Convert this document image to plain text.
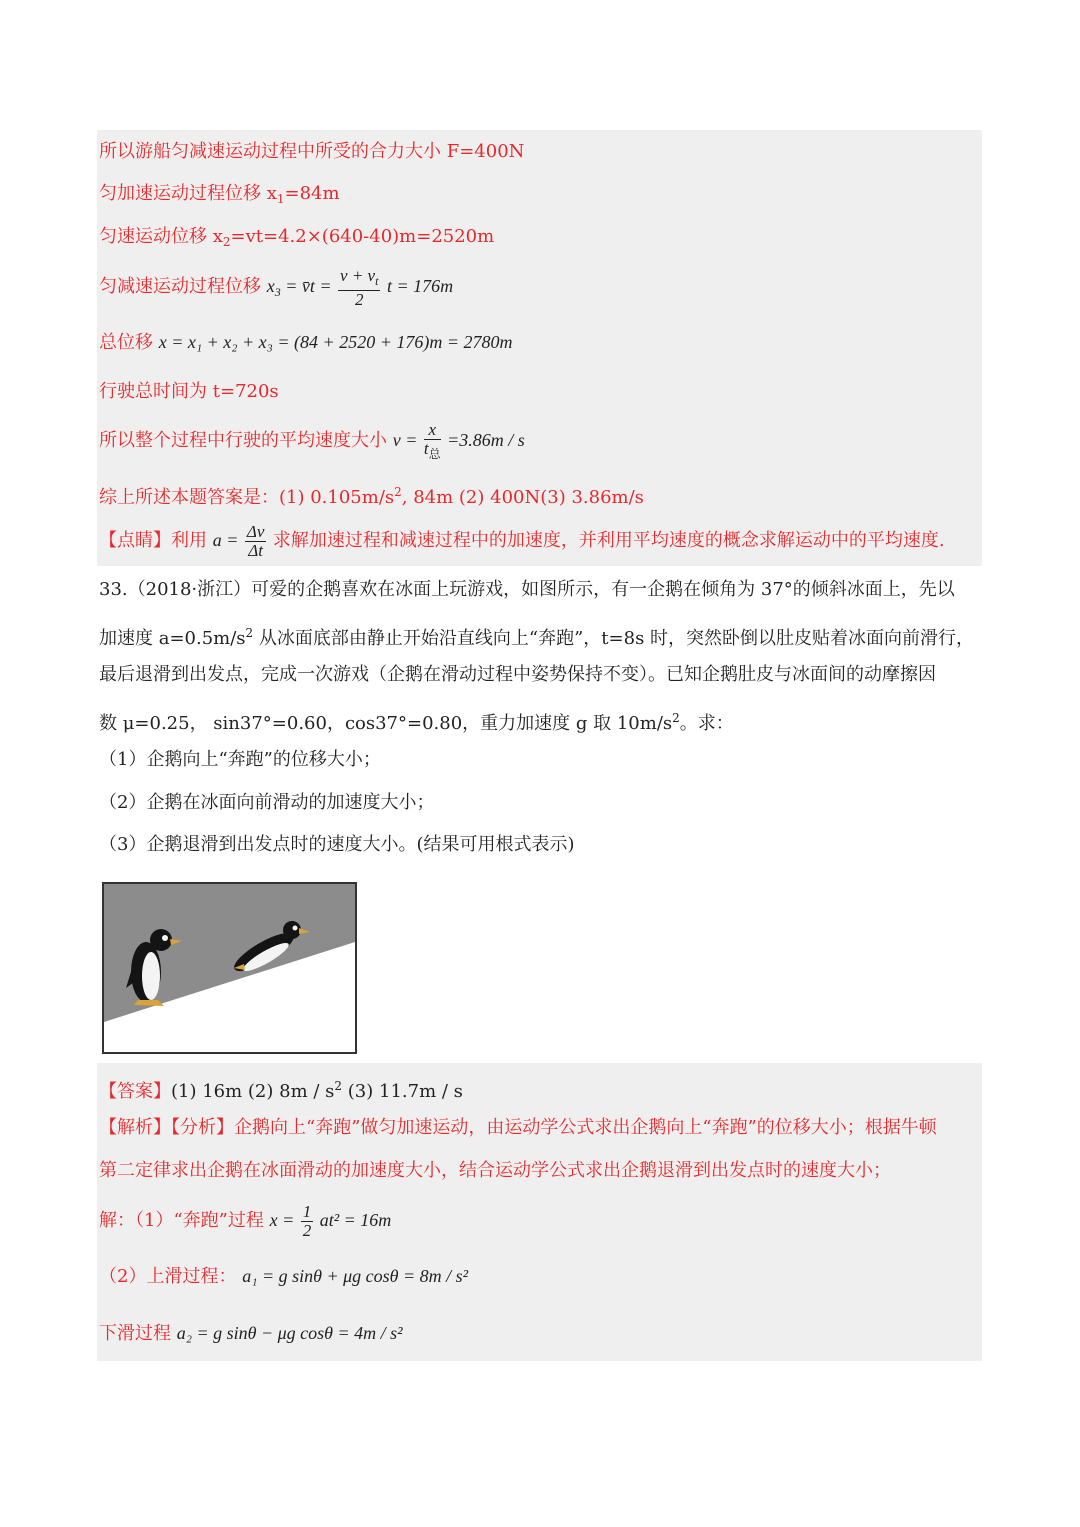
所以游船匀减速运动过程中所受的合力大小 F=400N
匀加速运动过程位移 $x_1=84m$
匀速运动位移 $x_2=vt=4.2\times(640-40)m=2520m$
匀减速运动过程位移 $x_3$ = v̄t = $\frac{v + v_t}{2}$ t = 176m
总位移 x = x₁ + x₂ + x₃ = (84 + 2520 + 176)m = 2780m
行驶总时间为 t=720s
所以整个过程中行驶的平均速度大小 $v = \frac{x}{t_总} =3.86m / s$
综上所述本题答案是：(1) $0.105m/s^2$, 84m (2) 400N(3) 3.86m/s
【点睛】利用 $a = \frac{\Delta v}{\Delta t}$ 求解加速过程和减速过程中的加速度，并利用平均速度的概念求解运动中的平均速度.
33.（2018·浙江）可爱的企鹅喜欢在冰面上玩游戏，如图所示，有一企鹅在倾角为 37°的倾斜冰面上，先以
加速度 $a=0.5m/s^2$ 从冰面底部由静止开始沿直线向上“奔跑”，t=8s 时，突然卧倒以肚皮贴着冰面向前滑行，
最后退滑到出发点，完成一次游戏（企鹅在滑动过程中姿势保持不变）。已知企鹅肚皮与冰面间的动摩擦因
数 μ=0.25， sin37°=0.60，cos37°=0.80，重力加速度 g 取 $10m/s^2$。求：
（1）企鹅向上“奔跑”的位移大小；
（2）企鹅在冰面向前滑动的加速度大小；
（3）企鹅退滑到出发点时的速度大小。(结果可用根式表示)
【答案】(1) 16m (2) $8m / s^2$ (3) 11.7m / s
【解析】【分析】企鹅向上“奔跑”做匀加速运动，由运动学公式求出企鹅向上“奔跑”的位移大小；根据牛顿
第二定律求出企鹅在冰面滑动的加速度大小，结合运动学公式求出企鹅退滑到出发点时的速度大小；
解：（1）“奔跑”过程 $x = \frac{1}{2} at^2 = 16m$
（2）上滑过程： a₁ = g sinθ + μg cosθ = 8m / s²
下滑过程 a₂ = g sinθ − μg cosθ = 4m / s²
